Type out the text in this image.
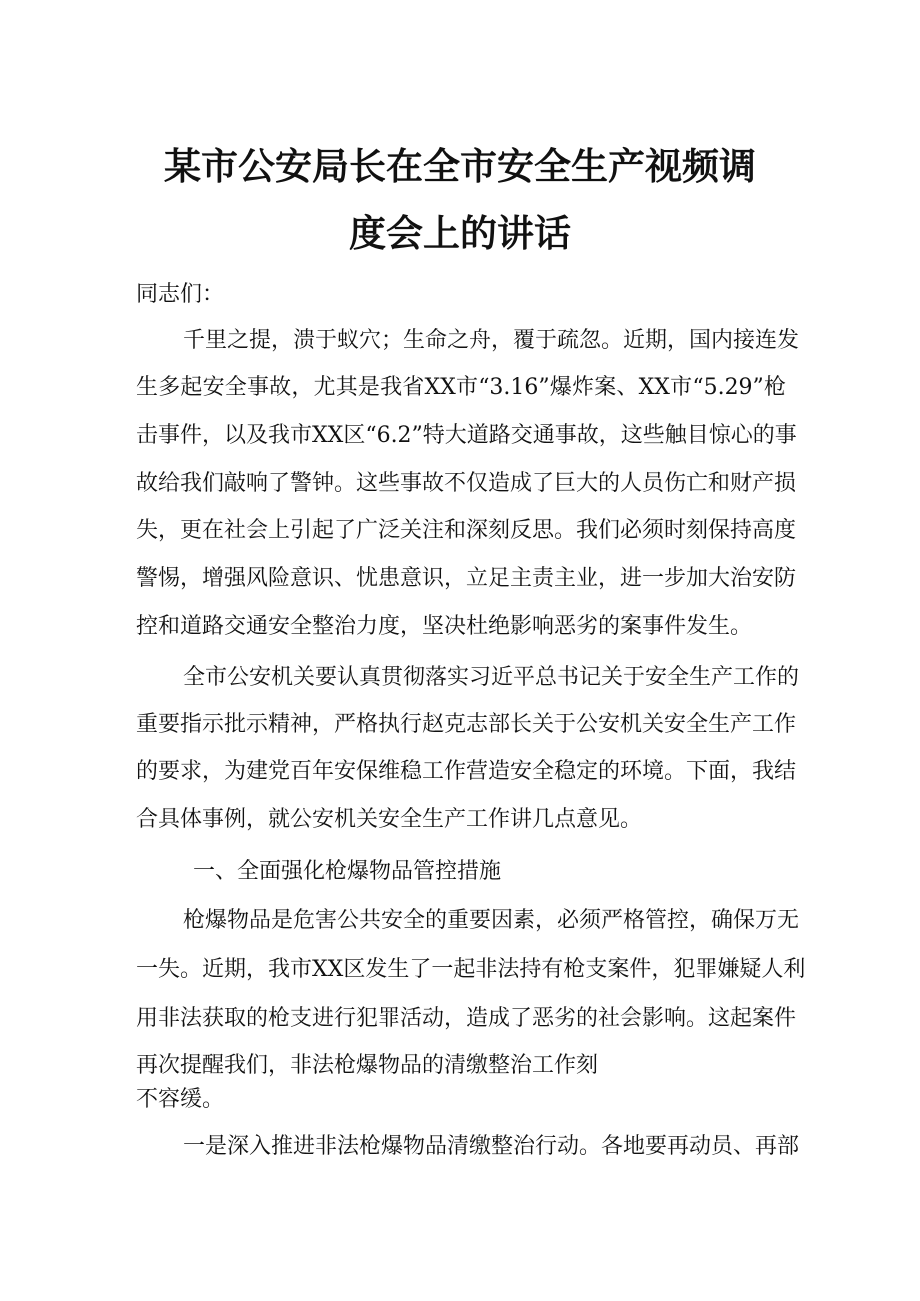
某市公安局长在全市安全生产视频调
度会上的讲话

同志们：

千里之提，溃于蚁穴；生命之舟，覆于疏忽。近期，国内接连发

生多起安全事故，尤其是我省XX市“3.16”爆炸案、XX市“5.29”枪

击事件，以及我市XX区“6.2”特大道路交通事故，这些触目惊心的事

故给我们敲响了警钟。这些事故不仅造成了巨大的人员伤亡和财产损

失，更在社会上引起了广泛关注和深刻反思。我们必须时刻保持高度

警惕，增强风险意识、忧患意识，立足主责主业，进一步加大治安防

控和道路交通安全整治力度，坚决杜绝影响恶劣的案事件发生。

全市公安机关要认真贯彻落实习近平总书记关于安全生产工作的

重要指示批示精神，严格执行赵克志部长关于公安机关安全生产工作

的要求，为建党百年安保维稳工作营造安全稳定的环境。下面，我结

合具体事例，就公安机关安全生产工作讲几点意见。

一、全面强化枪爆物品管控措施

枪爆物品是危害公共安全的重要因素，必须严格管控，确保万无

一失。近期，我市XX区发生了一起非法持有枪支案件，犯罪嫌疑人利

用非法获取的枪支进行犯罪活动，造成了恶劣的社会影响。这起案件

再次提醒我们，非法枪爆物品的清缴整治工作刻

不容缓。

一是深入推进非法枪爆物品清缴整治行动。各地要再动员、再部
